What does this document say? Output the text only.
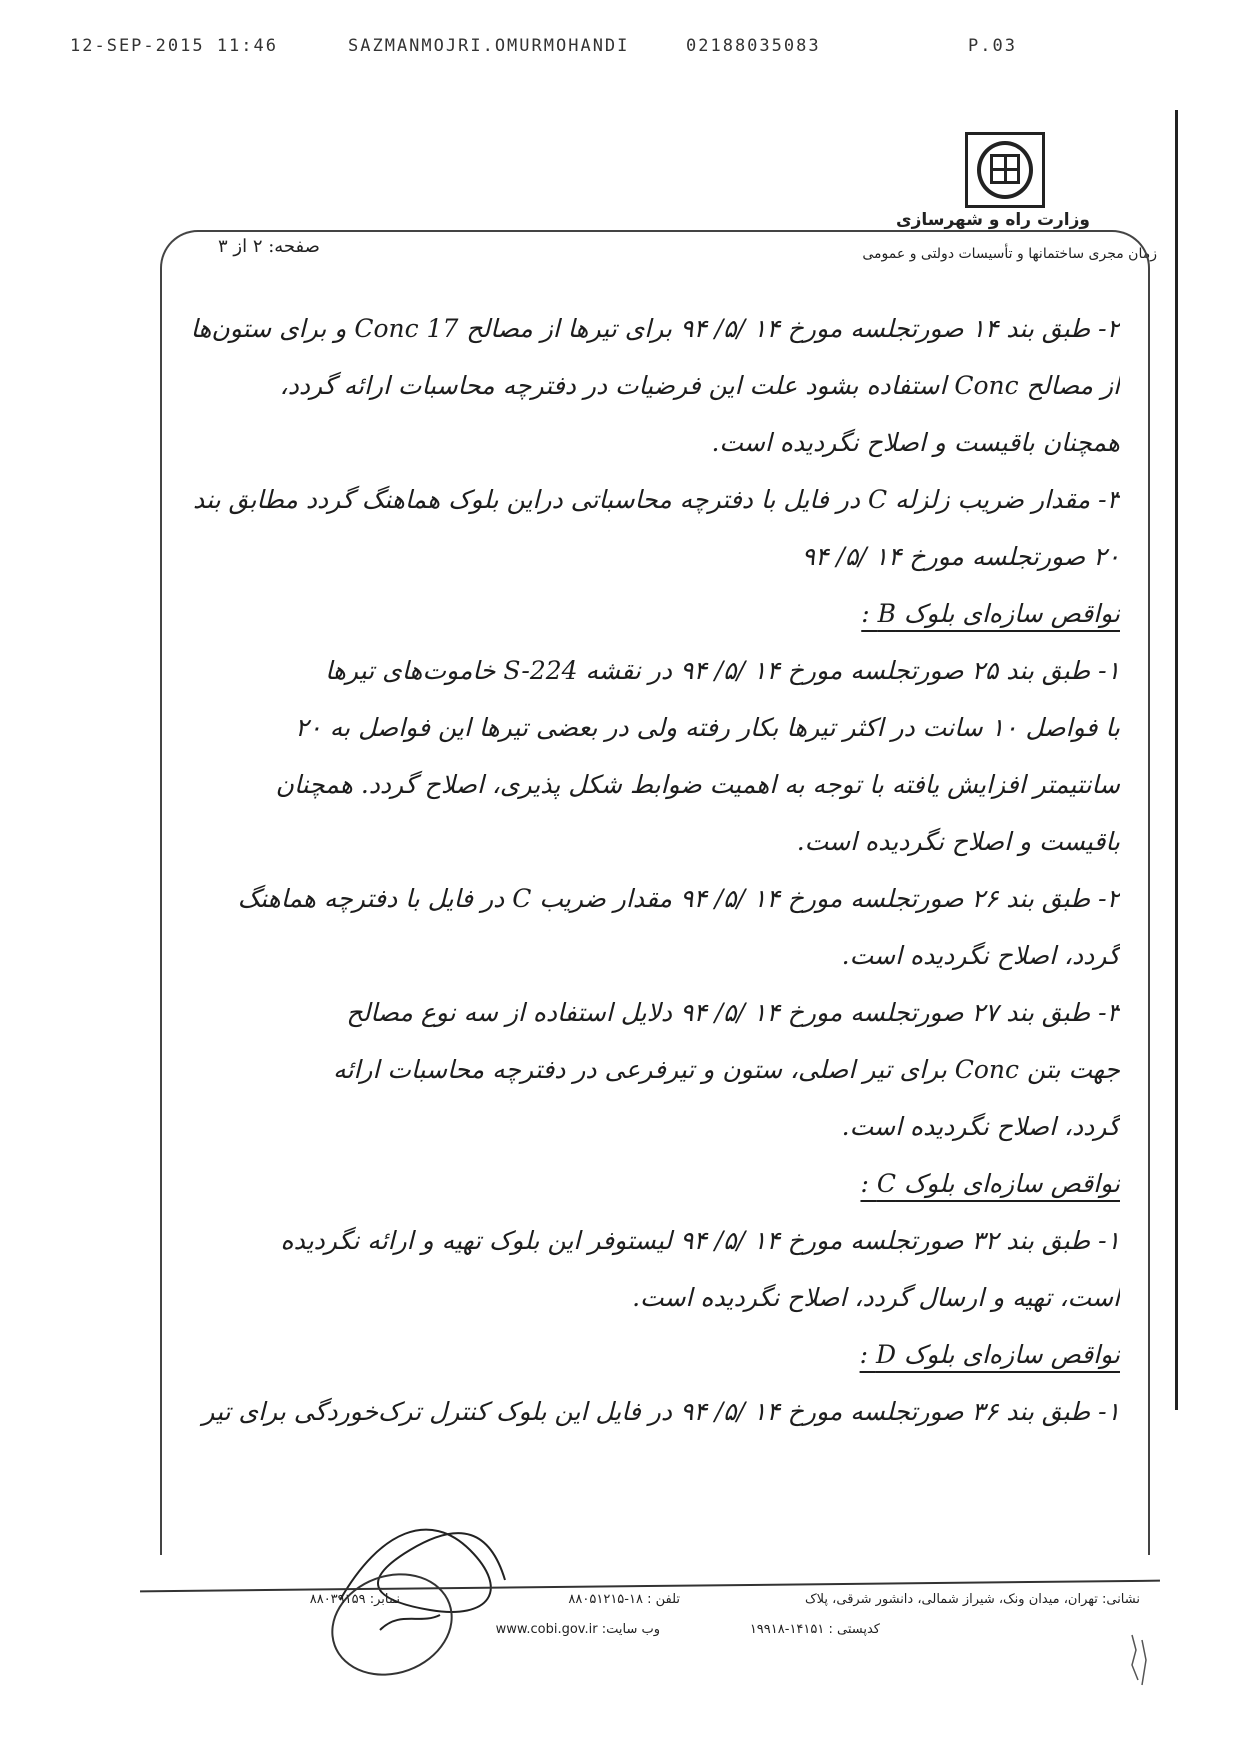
12-SEP-2015 11:46	SAZMANMOJRI.OMURMOHANDI	02188035083	P.03
وزارت راه و شهرسازی
زمان مجری ساختمانها و تأسیسات دولتی و عمومی
صفحه: ۲ از ۳
۲- طبق بند ۱۴ صورتجلسه مورخ ۱۴ /۵/ ۹۴ برای تیرها از مصالح Conc 17 و برای ستون‌ها
از مصالح Conc استفاده بشود علت این فرضیات در دفترچه محاسبات ارائه گردد،
همچنان باقیست و اصلاح نگردیده است.
۳- مقدار ضریب زلزله C در فایل با دفترچه محاسباتی دراین بلوک هماهنگ گردد مطابق بند
۲۰ صورتجلسه مورخ ۱۴ /۵/ ۹۴
نواقص سازه‌ای بلوک B :
۱- طبق بند ۲۵ صورتجلسه مورخ ۱۴ /۵/ ۹۴ در نقشه S-224 خاموت‌های تیرها
با فواصل ۱۰ سانت در اکثر تیرها بکار رفته ولی در بعضی تیرها این فواصل به ۲۰
سانتیمتر افزایش یافته با توجه به اهمیت ضوابط شکل پذیری، اصلاح گردد. همچنان
باقیست و اصلاح نگردیده است.
۲- طبق بند ۲۶ صورتجلسه مورخ ۱۴ /۵/ ۹۴ مقدار ضریب C در فایل با دفترچه هماهنگ
گردد، اصلاح نگردیده است.
۳- طبق بند ۲۷ صورتجلسه مورخ ۱۴ /۵/ ۹۴ دلایل استفاده از سه نوع مصالح
جهت بتن Conc برای تیر اصلی، ستون و تیرفرعی در دفترچه محاسبات ارائه
گردد، اصلاح نگردیده است.
نواقص سازه‌ای بلوک C :
۱- طبق بند ۳۲ صورتجلسه مورخ ۱۴ /۵/ ۹۴ لیستوفر این بلوک تهیه و ارائه نگردیده
است، تهیه و ارسال گردد، اصلاح نگردیده است.
نواقص سازه‌ای بلوک D :
۱- طبق بند ۳۶ صورتجلسه مورخ ۱۴ /۵/ ۹۴ در فایل این بلوک کنترل ترک‌خوردگی برای تیر
نشانی: تهران، میدان ونک، شیراز شمالی، دانشور شرقی، پلاک
تلفن : ۱۸-۸۸۰۵۱۲۱۵
نمابر: ۸۸۰۳۹۱۵۹
کدپستی : ۱۴۱۵۱-۱۹۹۱۸
وب سایت: www.cobi.gov.ir
